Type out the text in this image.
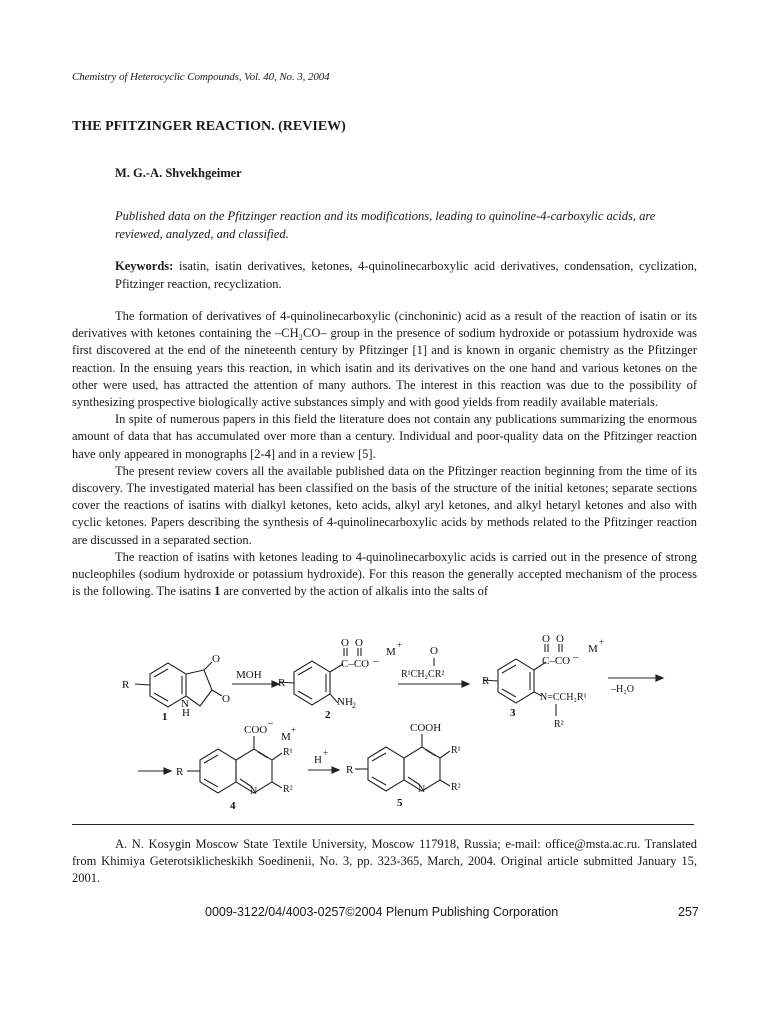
Chemistry of Heterocyclic Compounds, Vol. 40, No. 3, 2004
THE PFITZINGER REACTION. (REVIEW)
M. G.-A. Shvekhgeimer
Published data on the Pfitzinger reaction and its modifications, leading to quinoline-4-carboxylic acids, are reviewed, analyzed, and classified.
Keywords: isatin, isatin derivatives, ketones, 4-quinolinecarboxylic acid derivatives, condensation, cyclization, Pfitzinger reaction, recyclization.

The formation of derivatives of 4-quinolinecarboxylic (cinchoninic) acid as a result of the reaction of isatin or its derivatives with ketones containing the –CH₂CO– group in the presence of sodium hydroxide or potassium hydroxide was first discovered at the end of the nineteenth century by Pfitzinger [1] and is known in organic chemistry as the Pfitzinger reaction. In the ensuing years this reaction, in which isatin and its derivatives on the one hand and various ketones on the other were used, has attracted the attention of many authors. The interest in this reaction was due to the possibility of synthesizing prospective biologically active substances simply and with good yields from readily available materials.

In spite of numerous papers in this field the literature does not contain any publications summarizing the enormous amount of data that has accumulated over more than a century. Individual and poor-quality data on the Pfitzinger reaction have only appeared in monographs [2-4] and in a review [5].

The present review covers all the available published data on the Pfitzinger reaction beginning from the time of its discovery. The investigated material has been classified on the basis of the structure of the initial ketones; separate sections cover the reactions of isatins with dialkyl ketones, keto acids, alkyl aryl ketones, and alkyl hetaryl ketones and also with cyclic ketones. Papers describing the synthesis of 4-quinolinecarboxylic acids by methods related to the Pfitzinger reaction are discussed in a separated section.

The reaction of isatins with ketones leading to 4-quinolinecarboxylic acids is carried out in the presence of strong nucleophiles (sodium hydroxide or potassium hydroxide). For this reason the generally accepted mechanism of the process is the following. The isatins 1 are converted by the action of alkalis into the salts of

R
O
O
N
H
1
MOH
R
O O
C–CO –
M
+
NH 2
2
O
R¹CH₂CR²
R
O O
C–CO –
M
+
N=CCH₂R¹
R²
3
–H₂O
R
COO
–
M
+
R¹
R²
N
4
H
+
R
COOH
R¹
R²
N
5

A. N. Kosygin Moscow State Textile University, Moscow 117918, Russia; e-mail: office@msta.ac.ru. Translated from Khimiya Geterotsiklicheskikh Soedinenii, No. 3, pp. 323-365, March, 2004. Original article submitted January 15, 2001.

0009-3122/04/4003-0257©2004 Plenum Publishing Corporation	257
